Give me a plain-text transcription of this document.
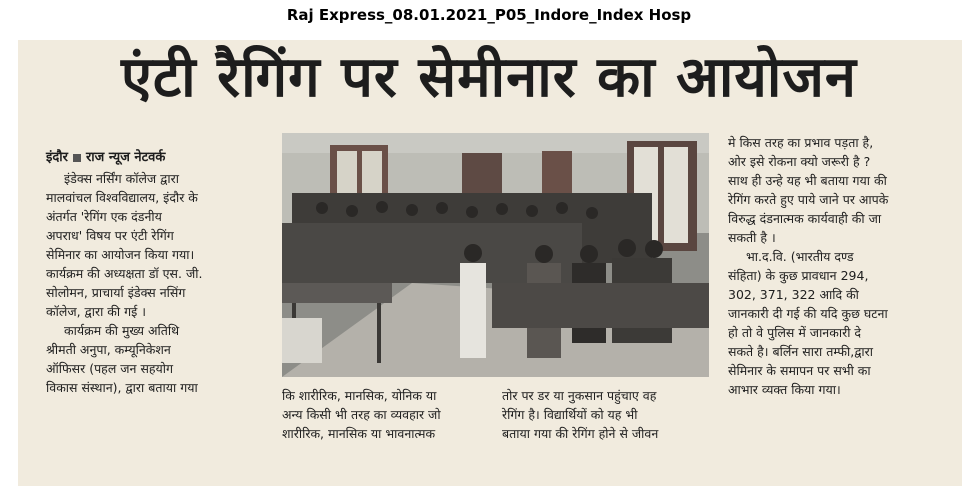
Raj Express_08.01.2021_P05_Indore_Index Hosp
एंटी रैगिंग पर सेमीनार का आयोजन
इंदौर राज न्यूज नेटवर्क

इंडेक्स नर्सिंग कॉलेज द्वारा

मालवांचल विश्वविद्यालय, इंदौर के

अंतर्गत 'रेगिंग एक दंडनीय

अपराध' विषय पर एंटी रेगिंग

सेमिनार का आयोजन किया गया।

कार्यक्रम की अध्यक्षता डॉ एस. जी.

सोलोमन, प्राचार्या इंडेक्स नसिंग

कॉलेज, द्वारा की गई ।

कार्यक्रम की मुख्य अतिथि

श्रीमती अनुपा, कम्यूनिकेशन

ऑफिसर (पहल जन सहयोग

विकास संस्थान), द्वारा बताया गया

कि शारीरिक, मानसिक, योनिक या

अन्य किसी भी तरह का व्यवहार जो

शारीरिक, मानसिक या भावनात्मक

तोर पर डर या नुकसान पहुंचाए वह

रेगिंग है। विद्यार्थियों को यह भी

बताया गया की रेगिंग होने से जीवन

मे किस तरह का प्रभाव पड़ता है,

ओर इसे रोकना क्यो जरूरी है ?

साथ ही उन्हे यह भी बताया गया की

रेगिंग करते हुए पाये जाने पर आपके

विरुद्ध दंडनात्मक कार्यवाही की जा

सकती है ।

भा.द.वि. (भारतीय दण्ड

संहिता) के कुछ प्रावधान 294,

302, 371, 322 आदि की

जानकारी दी गई की यदि कुछ घटना

हो तो वे पुलिस में जानकारी दे

सकते है। बर्लिन सारा तम्फी,द्वारा

सेमिनार के समापन पर सभी का

आभार व्यक्त किया गया।
